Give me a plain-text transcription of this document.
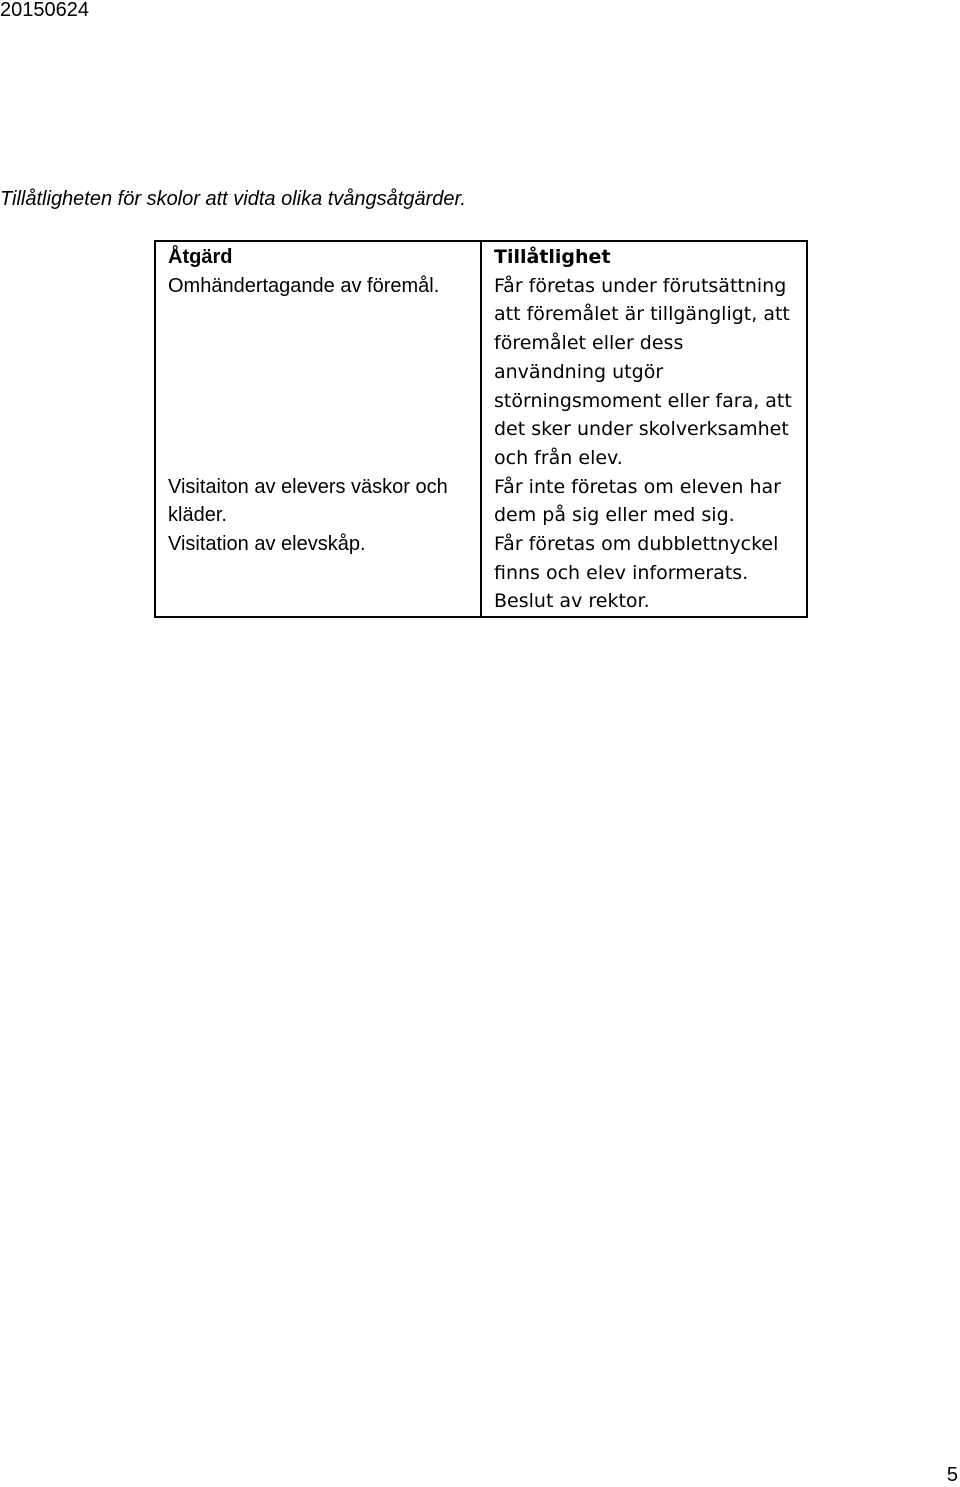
20150624
Tillåtligheten för skolor att vidta olika tvångsåtgärder.
Åtgärd	Tillåtlighet
Omhändertagande av föremål.	Får företas under förutsättning att föremålet är tillgängligt, att föremålet eller dess användning utgör störningsmoment eller fara, att det sker under skolverksamhet och från elev.
Visitaiton av elevers väskor och kläder.	Får inte företas om eleven har dem på sig eller med sig.
Visitation av elevskåp.	Får företas om dubblettnyckel finns och elev informerats. Beslut av rektor.
5
